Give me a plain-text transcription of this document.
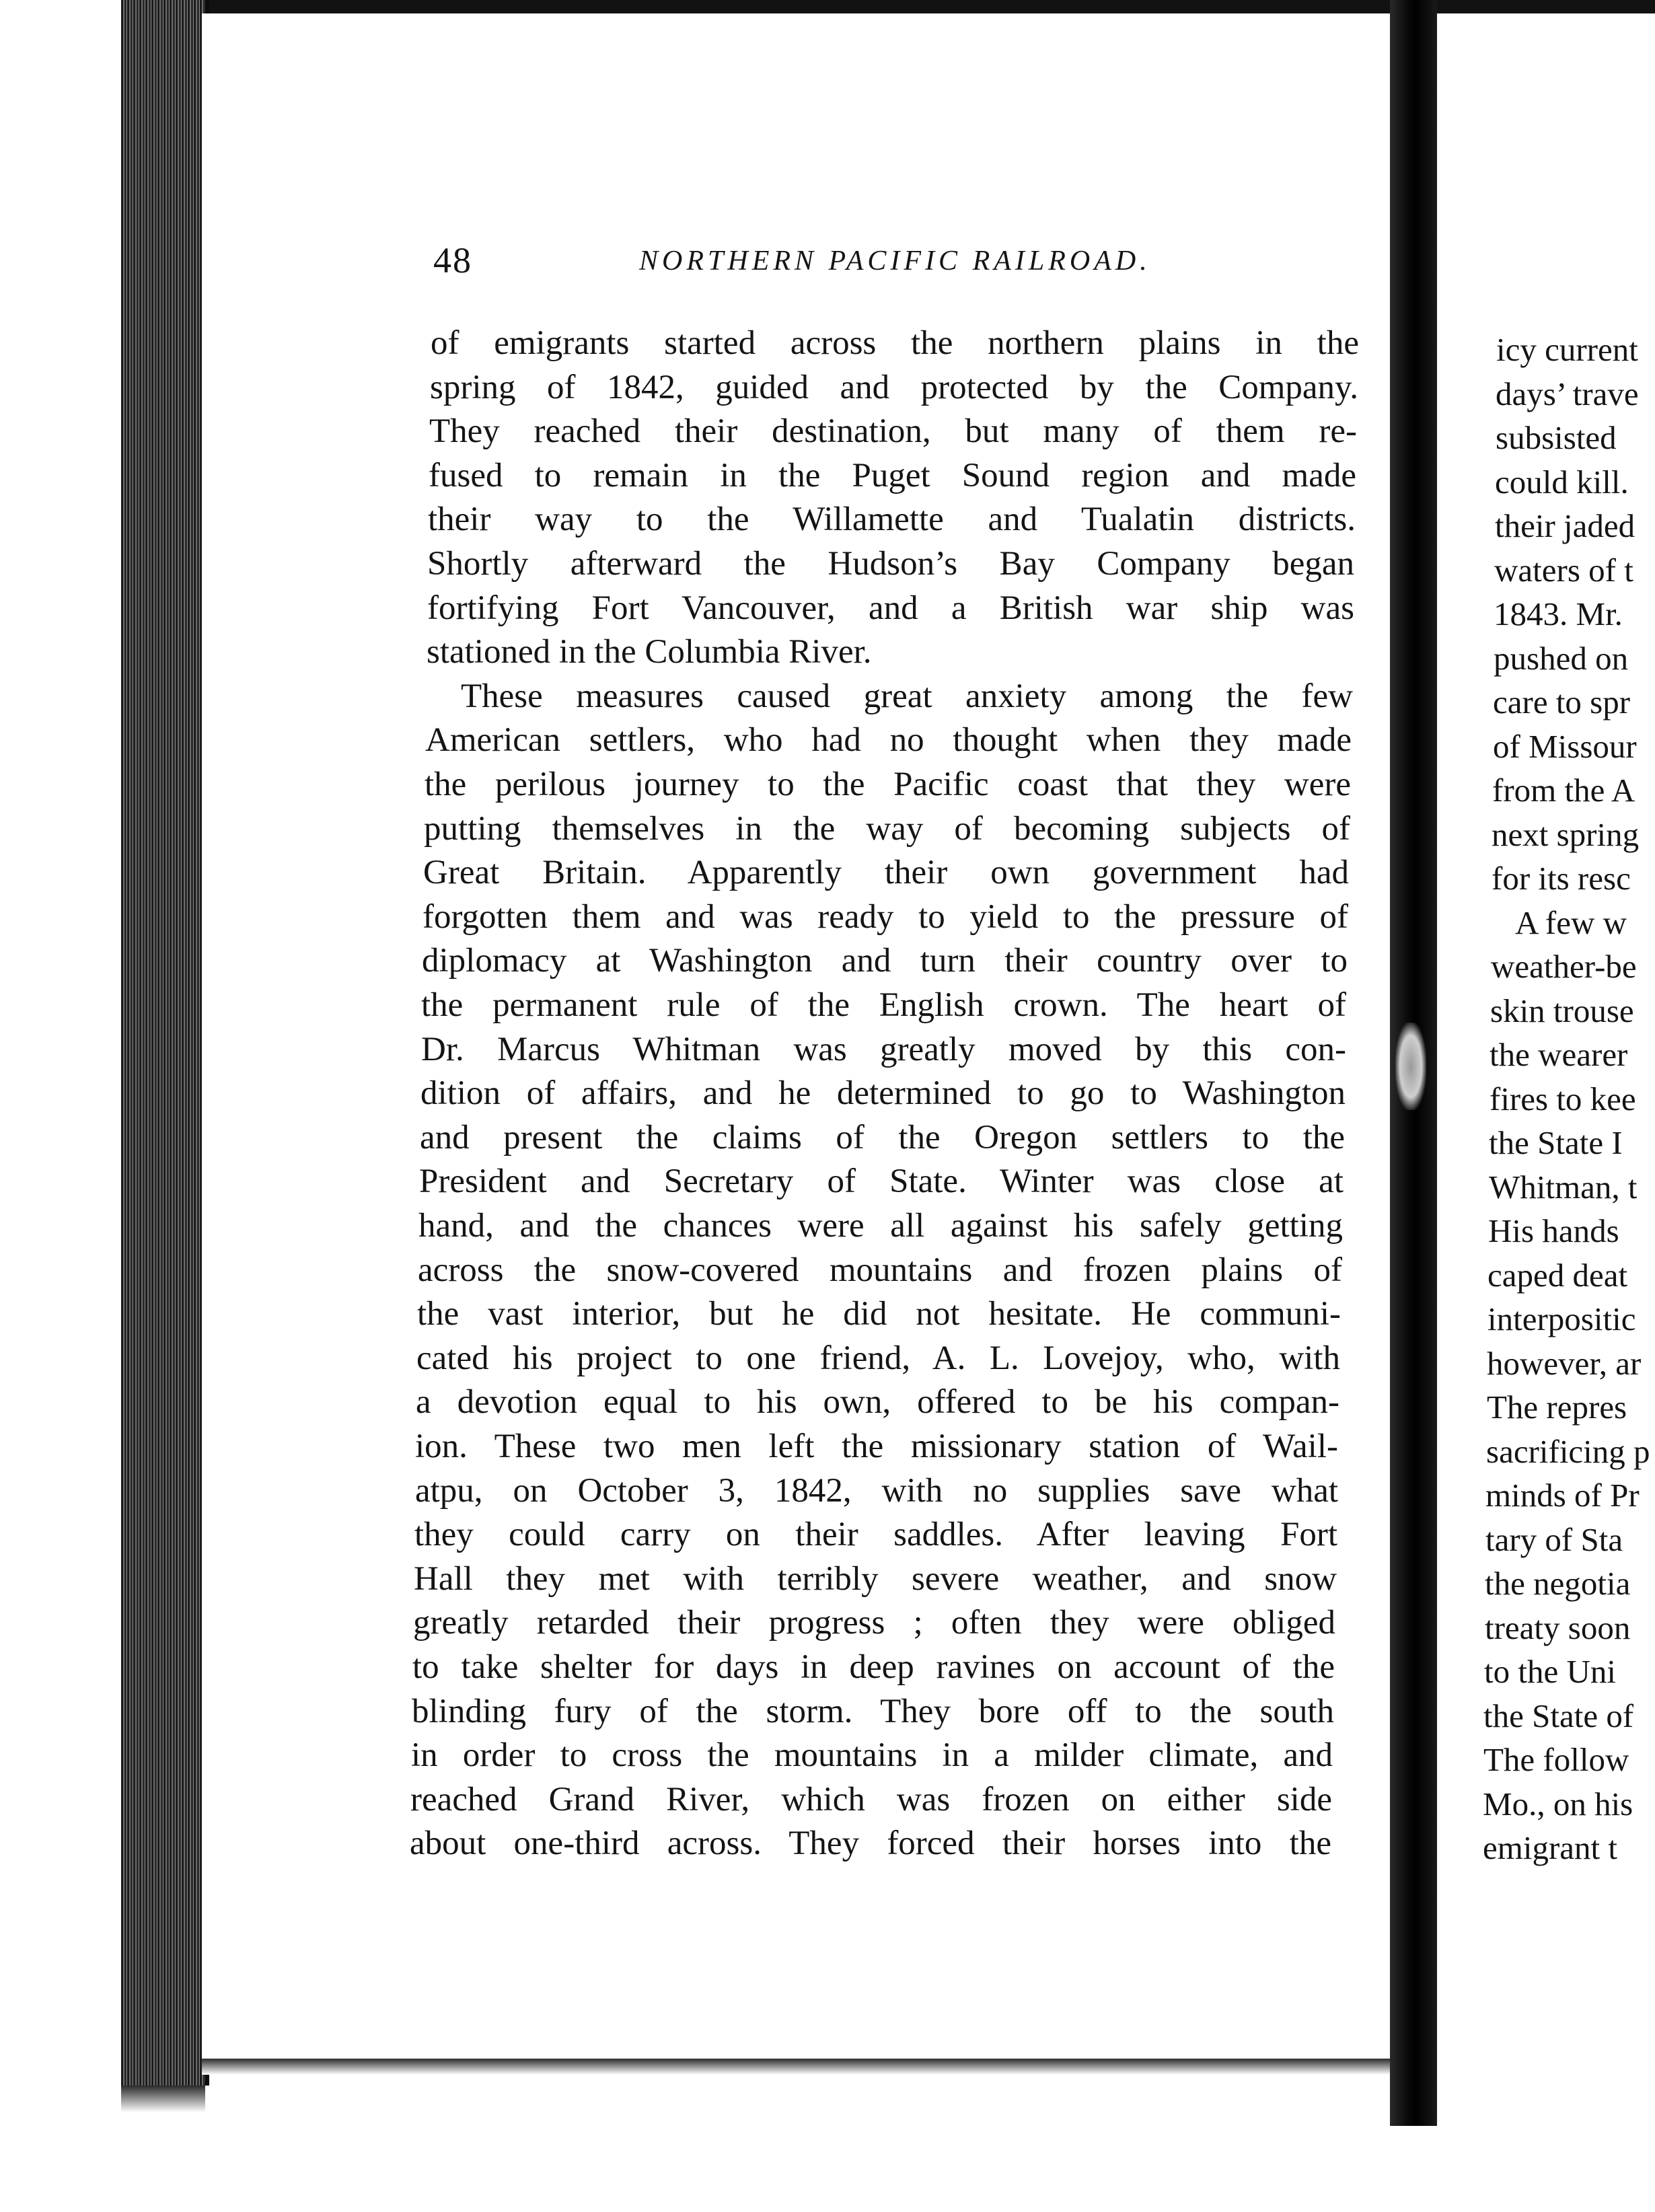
48	NORTHERN PACIFIC RAILROAD.
of emigrants started across the northern plains in the
spring of 1842, guided and protected by the Company.
They reached their destination, but many of them re-
fused to remain in the Puget Sound region and made
their way to the Willamette and Tualatin districts.
Shortly afterward the Hudson’s Bay Company began
fortifying Fort Vancouver, and a British war ship was
stationed in the Columbia River.
These measures caused great anxiety among the few
American settlers, who had no thought when they made
the perilous journey to the Pacific coast that they were
putting themselves in the way of becoming subjects of
Great Britain. Apparently their own government had
forgotten them and was ready to yield to the pressure of
diplomacy at Washington and turn their country over to
the permanent rule of the English crown. The heart of
Dr. Marcus Whitman was greatly moved by this con-
dition of affairs, and he determined to go to Washington
and present the claims of the Oregon settlers to the
President and Secretary of State. Winter was close at
hand, and the chances were all against his safely getting
across the snow-covered mountains and frozen plains of
the vast interior, but he did not hesitate. He communi-
cated his project to one friend, A. L. Lovejoy, who, with
a devotion equal to his own, offered to be his compan-
ion. These two men left the missionary station of Wail-
atpu, on October 3, 1842, with no supplies save what
they could carry on their saddles. After leaving Fort
Hall they met with terribly severe weather, and snow
greatly retarded their progress ; often they were obliged
to take shelter for days in deep ravines on account of the
blinding fury of the storm. They bore off to the south
in order to cross the mountains in a milder climate, and
reached Grand River, which was frozen on either side
about one-third across. They forced their horses into the
icy current
days’ trave
subsisted
could kill.
their jaded
waters of t
1843. Mr.
pushed on
care to spr
of Missour
from the A
next spring
for its resc
A few w
weather-be
skin trouse
the wearer
fires to kee
the State I
Whitman, t
His hands
caped deat
interpositic
however, ar
The repres
sacrificing p
minds of Pr
tary of Sta
the negotia
treaty soon
to the Uni
the State of
The follow
Mo., on his
emigrant t
